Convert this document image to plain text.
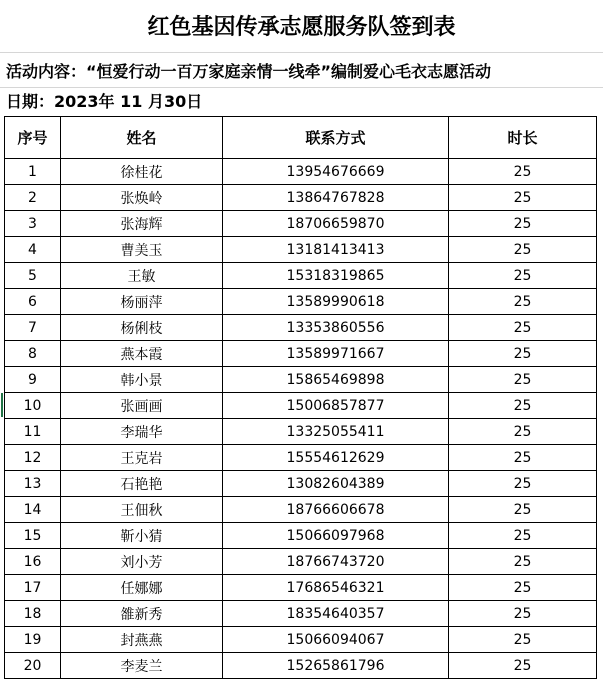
红色基因传承志愿服务队签到表
活动内容：“恒爱行动一百万家庭亲情一线牵”编制爱心毛衣志愿活动
日期：2023年 11 月30日
序号	姓名	联系方式	时长
1	徐桂花	13954676669	25
2	张焕岭	13864767828	25
3	张海辉	18706659870	25
4	曹美玉	13181413413	25
5	王敏	15318319865	25
6	杨丽萍	13589990618	25
7	杨俐枝	13353860556	25
8	燕本霞	13589971667	25
9	韩小景	15865469898	25
10	张画画	15006857877	25
11	李瑞华	13325055411	25
12	王克岩	15554612629	25
13	石艳艳	13082604389	25
14	王佃秋	18766606678	25
15	靳小猜	15066097968	25
16	刘小芳	18766743720	25
17	任娜娜	17686546321	25
18	雒新秀	18354640357	25
19	封燕燕	15066094067	25
20	李麦兰	15265861796	25
